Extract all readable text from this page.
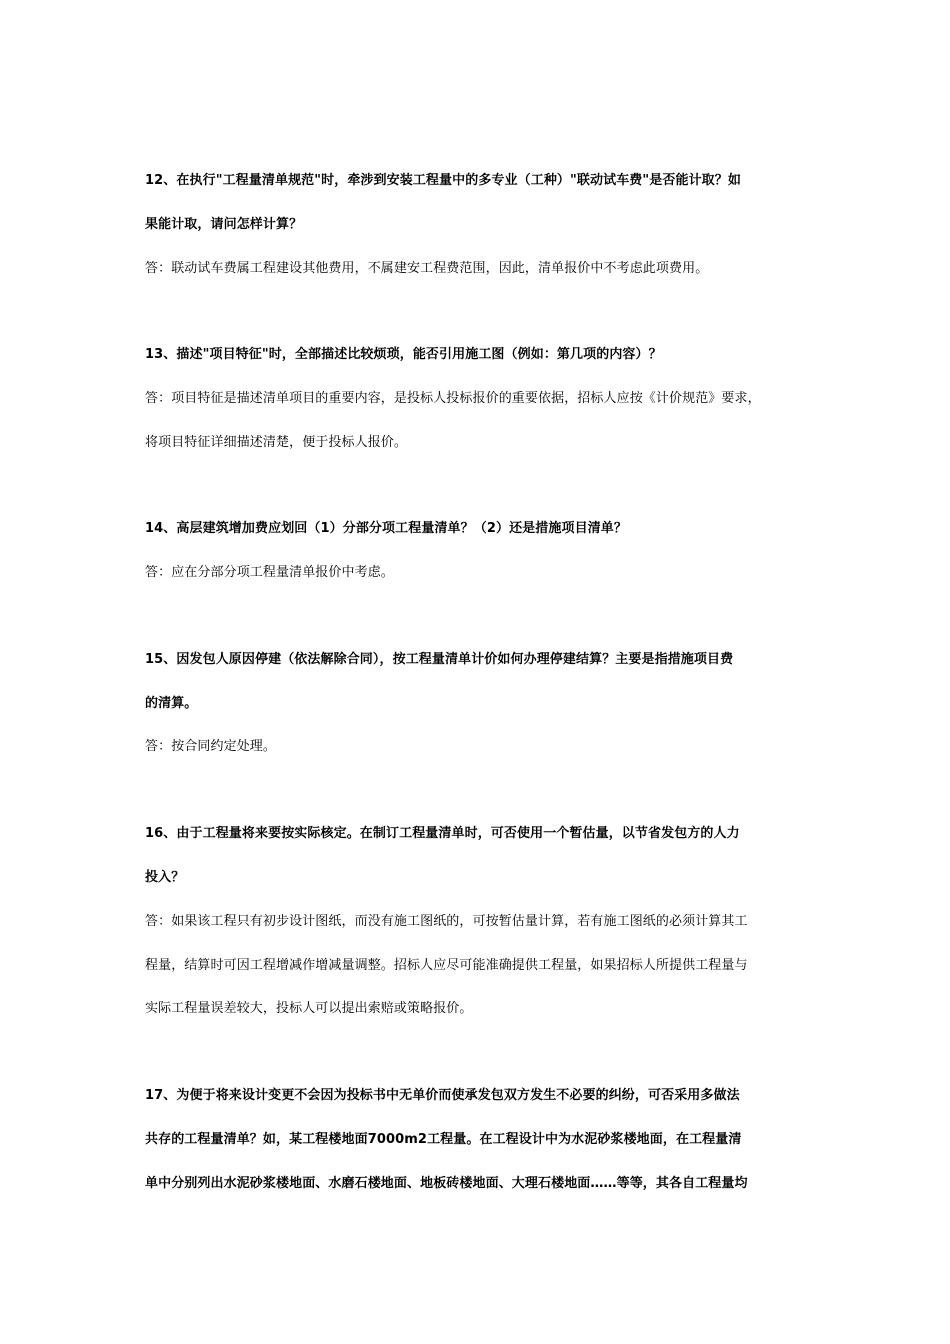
12、在执行"工程量清单规范"时，牵涉到安装工程量中的多专业（工种）"联动试车费"是否能计取？如
果能计取，请问怎样计算？
答：联动试车费属工程建设其他费用，不属建安工程费范围，因此，清单报价中不考虑此项费用。
13、描述"项目特征"时，全部描述比较烦琐，能否引用施工图（例如：第几项的内容）？
答：项目特征是描述清单项目的重要内容，是投标人投标报价的重要依据，招标人应按《计价规范》要求，
将项目特征详细描述清楚，便于投标人报价。
14、高层建筑增加费应划回（1）分部分项工程量清单？（2）还是措施项目清单？
答：应在分部分项工程量清单报价中考虑。
15、因发包人原因停建（依法解除合同），按工程量清单计价如何办理停建结算？主要是指措施项目费
的清算。
答：按合同约定处理。
16、由于工程量将来要按实际核定。在制订工程量清单时，可否使用一个暂估量，以节省发包方的人力
投入？
答：如果该工程只有初步设计图纸，而没有施工图纸的，可按暂估量计算，若有施工图纸的必须计算其工
程量，结算时可因工程增减作增减量调整。招标人应尽可能准确提供工程量，如果招标人所提供工程量与
实际工程量误差较大，投标人可以提出索赔或策略报价。
17、为便于将来设计变更不会因为投标书中无单价而使承发包双方发生不必要的纠纷，可否采用多做法
共存的工程量清单？如，某工程楼地面7000m2工程量。在工程设计中为水泥砂浆楼地面，在工程量清
单中分别列出水泥砂浆楼地面、水磨石楼地面、地板砖楼地面、大理石楼地面……等等，其各自工程量均
